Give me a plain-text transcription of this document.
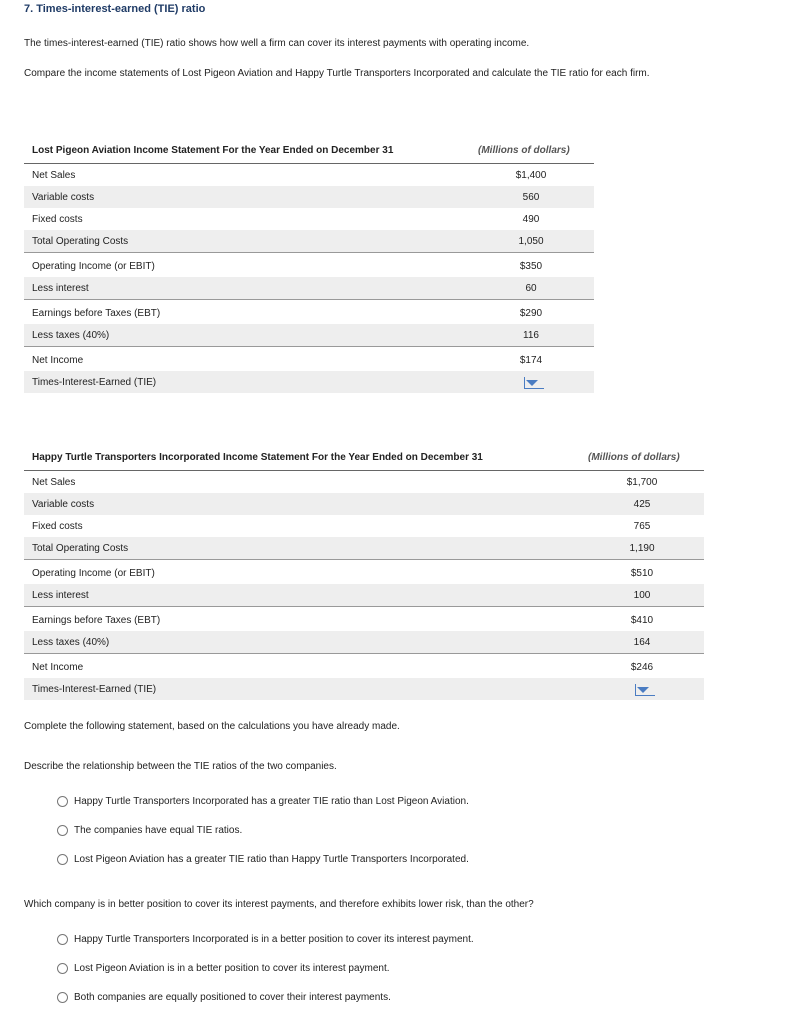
7. Times-interest-earned (TIE) ratio
The times-interest-earned (TIE) ratio shows how well a firm can cover its interest payments with operating income.
Compare the income statements of Lost Pigeon Aviation and Happy Turtle Transporters Incorporated and calculate the TIE ratio for each firm.
Lost Pigeon Aviation Income Statement For the Year Ended on December 31	(Millions of dollars)
Net Sales	$1,400
Variable costs	560
Fixed costs	490
Total Operating Costs	1,050
Operating Income (or EBIT)	$350
Less interest	60
Earnings before Taxes (EBT)	$290
Less taxes (40%)	116
Net Income	$174
Times-Interest-Earned (TIE)
Happy Turtle Transporters Incorporated Income Statement For the Year Ended on December 31	(Millions of dollars)
Net Sales	$1,700
Variable costs	425
Fixed costs	765
Total Operating Costs	1,190
Operating Income (or EBIT)	$510
Less interest	100
Earnings before Taxes (EBT)	$410
Less taxes (40%)	164
Net Income	$246
Times-Interest-Earned (TIE)
Complete the following statement, based on the calculations you have already made.
Describe the relationship between the TIE ratios of the two companies.
Happy Turtle Transporters Incorporated has a greater TIE ratio than Lost Pigeon Aviation.
The companies have equal TIE ratios.
Lost Pigeon Aviation has a greater TIE ratio than Happy Turtle Transporters Incorporated.
Which company is in better position to cover its interest payments, and therefore exhibits lower risk, than the other?
Happy Turtle Transporters Incorporated is in a better position to cover its interest payment.
Lost Pigeon Aviation is in a better position to cover its interest payment.
Both companies are equally positioned to cover their interest payments.
